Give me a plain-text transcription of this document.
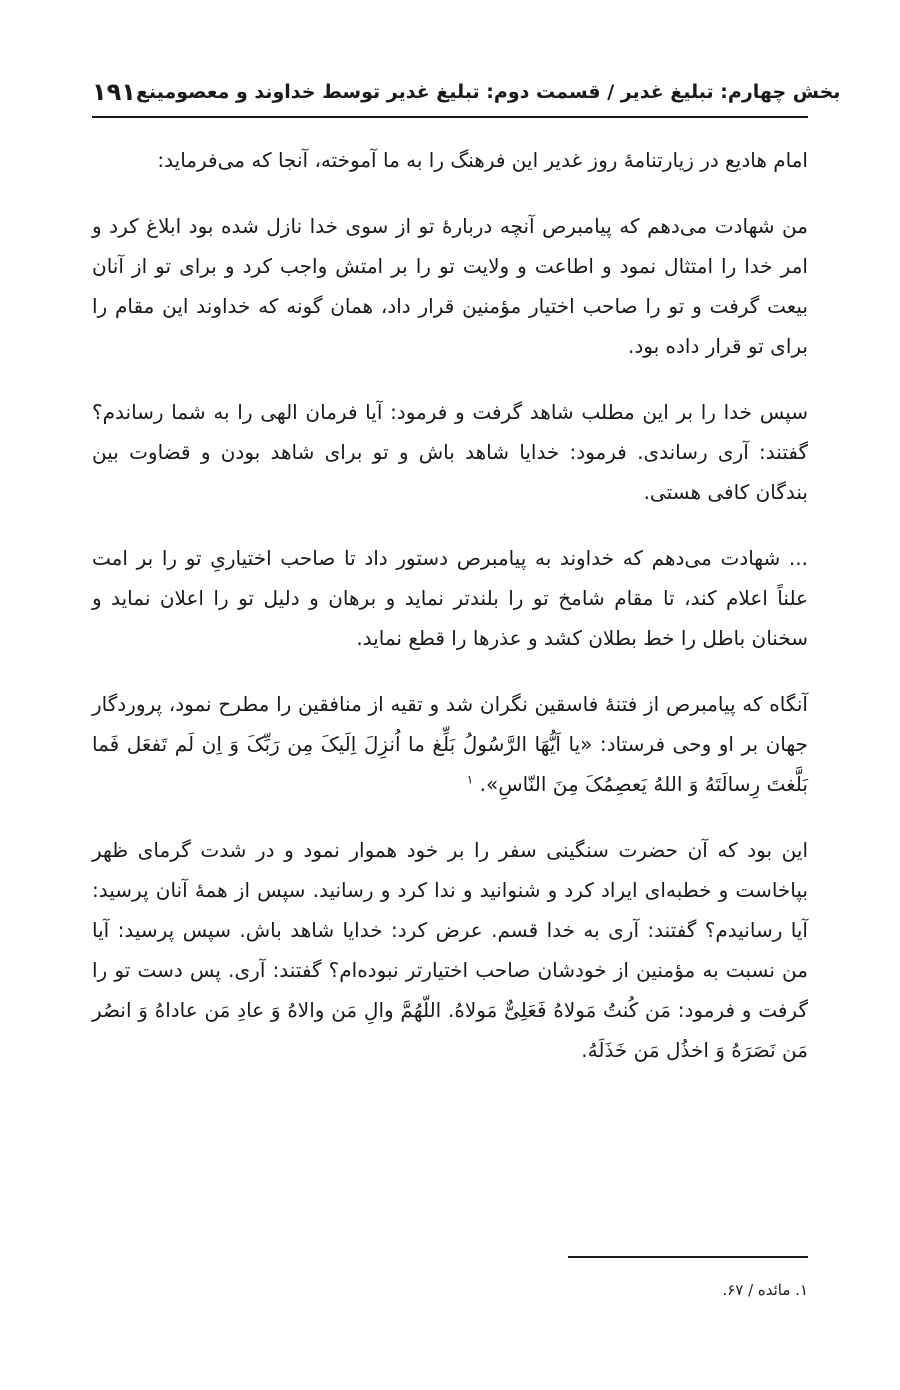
۱۹۱ بخش چهارم: تبلیغ غدیر / قسمت دوم: تبلیغ غدیر توسط خداوند و معصومینع

امام هادیع در زیارتنامهٔ روز غدیر این فرهنگ را به ما آموخته، آنجا که می‌فرماید:

من شهادت می‌دهم که پیامبرص آنچه دربارهٔ تو از سوی خدا نازل شده بود ابلاغ کرد و امر خدا را امتثال نمود و اطاعت و ولایت تو را بر امتش واجب کرد و برای تو از آنان بیعت گرفت و تو را صاحب اختیار مؤمنین قرار داد، همان گونه که خداوند این مقام را برای تو قرار داده بود.

سپس خدا را بر این مطلب شاهد گرفت و فرمود: آیا فرمان الهی را به شما رساندم؟ گفتند: آری رساندی. فرمود: خدایا شاهد باش و تو برای شاهد بودن و قضاوت بین بندگان کافی هستی.

... شهادت می‌دهم که خداوند به پیامبرص دستور داد تا صاحب اختیاریِ تو را بر امت علناً اعلام کند، تا مقام شامخ تو را بلندتر نماید و برهان و دلیل تو را اعلان نماید و سخنان باطل را خط بطلان کشد و عذرها را قطع نماید.

آنگاه که پیامبرص از فتنهٔ فاسقین نگران شد و تقیه از منافقین را مطرح نمود، پروردگار جهان بر او وحی فرستاد: «یا اَیُّهَا الرَّسُولُ بَلِّغ ما اُنزِلَ اِلَیکَ مِن رَبِّکَ وَ اِن لَم تَفعَل فَما بَلَّغتَ رِسالَتَهُ وَ اللهُ یَعصِمُکَ مِنَ النّاسِ». $^۱$

این بود که آن حضرت سنگینی سفر را بر خود هموار نمود و در شدت گرمای ظهر بپاخاست و خطبه‌ای ایراد کرد و شنوانید و ندا کرد و رسانید. سپس از همهٔ آنان پرسید: آیا رسانیدم؟ گفتند: آری به خدا قسم. عرض کرد: خدایا شاهد باش. سپس پرسید: آیا من نسبت به مؤمنین از خودشان صاحب اختیارتر نبوده‌ام؟ گفتند: آری. پس دست تو را گرفت و فرمود: مَن کُنتُ مَولاهُ فَعَلِیٌّ مَولاهُ. اللّهُمَّ والِ مَن والاهُ وَ عادِ مَن عاداهُ وَ انصُر مَن نَصَرَهُ وَ اخذُل مَن خَذَلَهُ.

۱. مائده / ۶۷.
